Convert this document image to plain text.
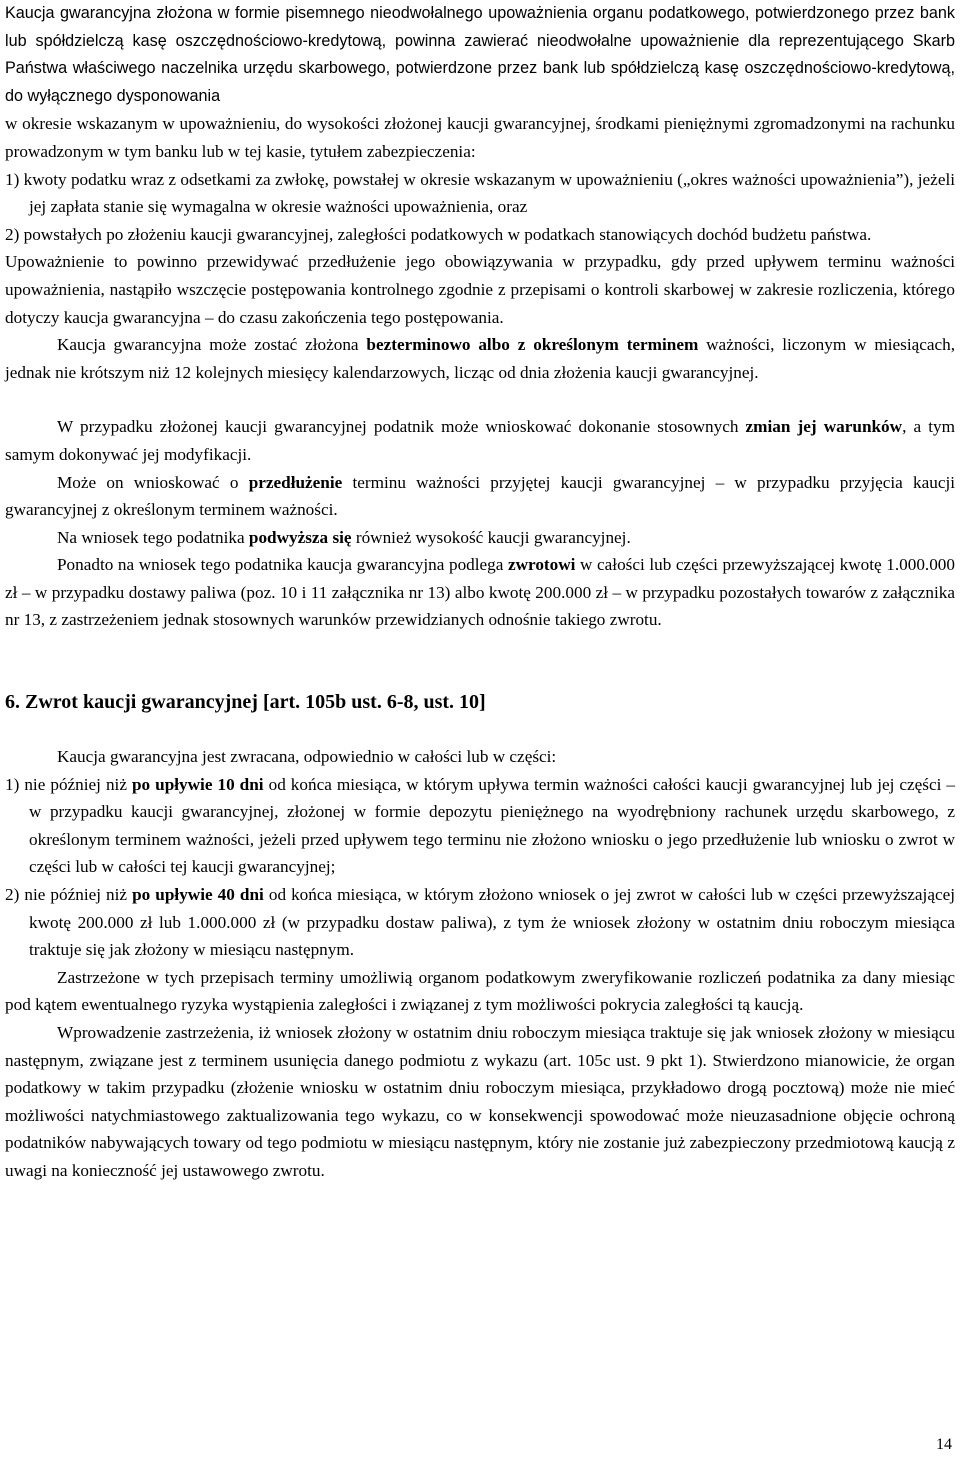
Kaucja gwarancyjna złożona w formie pisemnego nieodwołalnego upoważnienia organu podatkowego, potwierdzonego przez bank lub spółdzielczą kasę oszczędnościowo-kredytową, powinna zawierać nieodwołalne upoważnienie dla reprezentującego Skarb Państwa właściwego naczelnika urzędu skarbowego, potwierdzone przez bank lub spółdzielczą kasę oszczędnościowo-kredytową, do wyłącznego dysponowania

w okresie wskazanym w upoważnieniu, do wysokości złożonej kaucji gwarancyjnej, środkami pieniężnymi zgromadzonymi na rachunku prowadzonym w tym banku lub w tej kasie, tytułem zabezpieczenia:

1) kwoty podatku wraz z odsetkami za zwłokę, powstałej w okresie wskazanym w upoważnieniu („okres ważności upoważnienia”), jeżeli jej zapłata stanie się wymagalna w okresie ważności upoważnienia, oraz

2) powstałych po złożeniu kaucji gwarancyjnej, zaległości podatkowych w podatkach stanowiących dochód budżetu państwa.

Upoważnienie to powinno przewidywać przedłużenie jego obowiązywania w przypadku, gdy przed upływem terminu ważności upoważnienia, nastąpiło wszczęcie postępowania kontrolnego zgodnie z przepisami o kontroli skarbowej w zakresie rozliczenia, którego dotyczy kaucja gwarancyjna – do czasu zakończenia tego postępowania.

Kaucja gwarancyjna może zostać złożona bezterminowo albo z określonym terminem ważności, liczonym w miesiącach, jednak nie krótszym niż 12 kolejnych miesięcy kalendarzowych, licząc od dnia złożenia kaucji gwarancyjnej.

W przypadku złożonej kaucji gwarancyjnej podatnik może wnioskować dokonanie stosownych zmian jej warunków, a tym samym dokonywać jej modyfikacji.

Może on wnioskować o przedłużenie terminu ważności przyjętej kaucji gwarancyjnej – w przypadku przyjęcia kaucji gwarancyjnej z określonym terminem ważności.

Na wniosek tego podatnika podwyższa się również wysokość kaucji gwarancyjnej.

Ponadto na wniosek tego podatnika kaucja gwarancyjna podlega zwrotowi w całości lub części przewyższającej kwotę 1.000.000 zł – w przypadku dostawy paliwa (poz. 10 i 11 załącznika nr 13) albo kwotę 200.000 zł – w przypadku pozostałych towarów z załącznika nr 13, z zastrzeżeniem jednak stosownych warunków przewidzianych odnośnie takiego zwrotu.

6. Zwrot kaucji gwarancyjnej [art. 105b ust. 6-8, ust. 10]

Kaucja gwarancyjna jest zwracana, odpowiednio w całości lub w części:

1) nie później niż po upływie 10 dni od końca miesiąca, w którym upływa termin ważności całości kaucji gwarancyjnej lub jej części – w przypadku kaucji gwarancyjnej, złożonej w formie depozytu pieniężnego na wyodrębniony rachunek urzędu skarbowego, z określonym terminem ważności, jeżeli przed upływem tego terminu nie złożono wniosku o jego przedłużenie lub wniosku o zwrot w części lub w całości tej kaucji gwarancyjnej;

2) nie później niż po upływie 40 dni od końca miesiąca, w którym złożono wniosek o jej zwrot w całości lub w części przewyższającej kwotę 200.000 zł lub 1.000.000 zł (w przypadku dostaw paliwa), z tym że wniosek złożony w ostatnim dniu roboczym miesiąca traktuje się jak złożony w miesiącu następnym.

Zastrzeżone w tych przepisach terminy umożliwią organom podatkowym zweryfikowanie rozliczeń podatnika za dany miesiąc pod kątem ewentualnego ryzyka wystąpienia zaległości i związanej z tym możliwości pokrycia zaległości tą kaucją.

Wprowadzenie zastrzeżenia, iż wniosek złożony w ostatnim dniu roboczym miesiąca traktuje się jak wniosek złożony w miesiącu następnym, związane jest z terminem usunięcia danego podmiotu z wykazu (art. 105c ust. 9 pkt 1). Stwierdzono mianowicie, że organ podatkowy w takim przypadku (złożenie wniosku w ostatnim dniu roboczym miesiąca, przykładowo drogą pocztową) może nie mieć możliwości natychmiastowego zaktualizowania tego wykazu, co w konsekwencji spowodować może nieuzasadnione objęcie ochroną podatników nabywających towary od tego podmiotu w miesiącu następnym, który nie zostanie już zabezpieczony przedmiotową kaucją z uwagi na konieczność jej ustawowego zwrotu.

14
